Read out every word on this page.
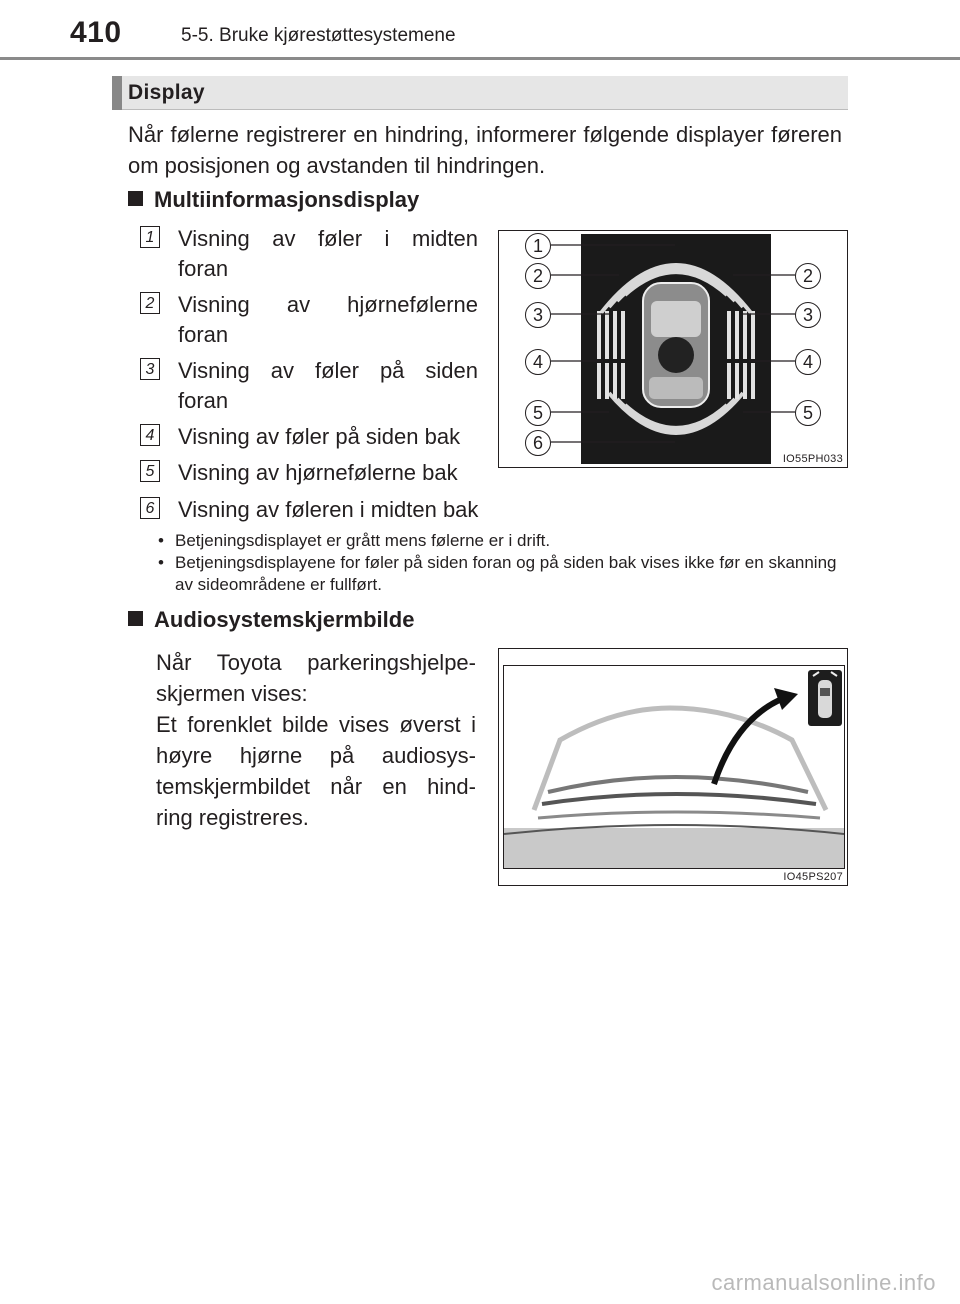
410	5-5. Bruke kjørestøttesystemene
Display
Når følerne registrerer en hindring, informerer følgende displayer føreren om posisjonen og avstanden til hindringen.
Multiinformasjonsdisplay
1 Visning av føler i midten
foran
2 Visning av hjørnefølerne
foran
3 Visning av føler på siden
foran
4 Visning av føler på siden bak
5 Visning av hjørnefølerne bak
6 Visning av føleren i midten bak
1
2
3
4
5
6
2
3
4
5
IO55PH033
• Betjeningsdisplayet er grått mens følerne er i drift.
• Betjeningsdisplayene for føler på siden foran og på siden bak vises ikke før en skanning av sideområdene er fullført.
Audiosystemskjermbilde
Når Toyota parkeringshjelpe-
skjermen vises:
Et forenklet bilde vises øverst i
høyre hjørne på audiosys-
temskjermbildet når en hind-
ring registreres.
IO45PS207
carmanualsonline.info
